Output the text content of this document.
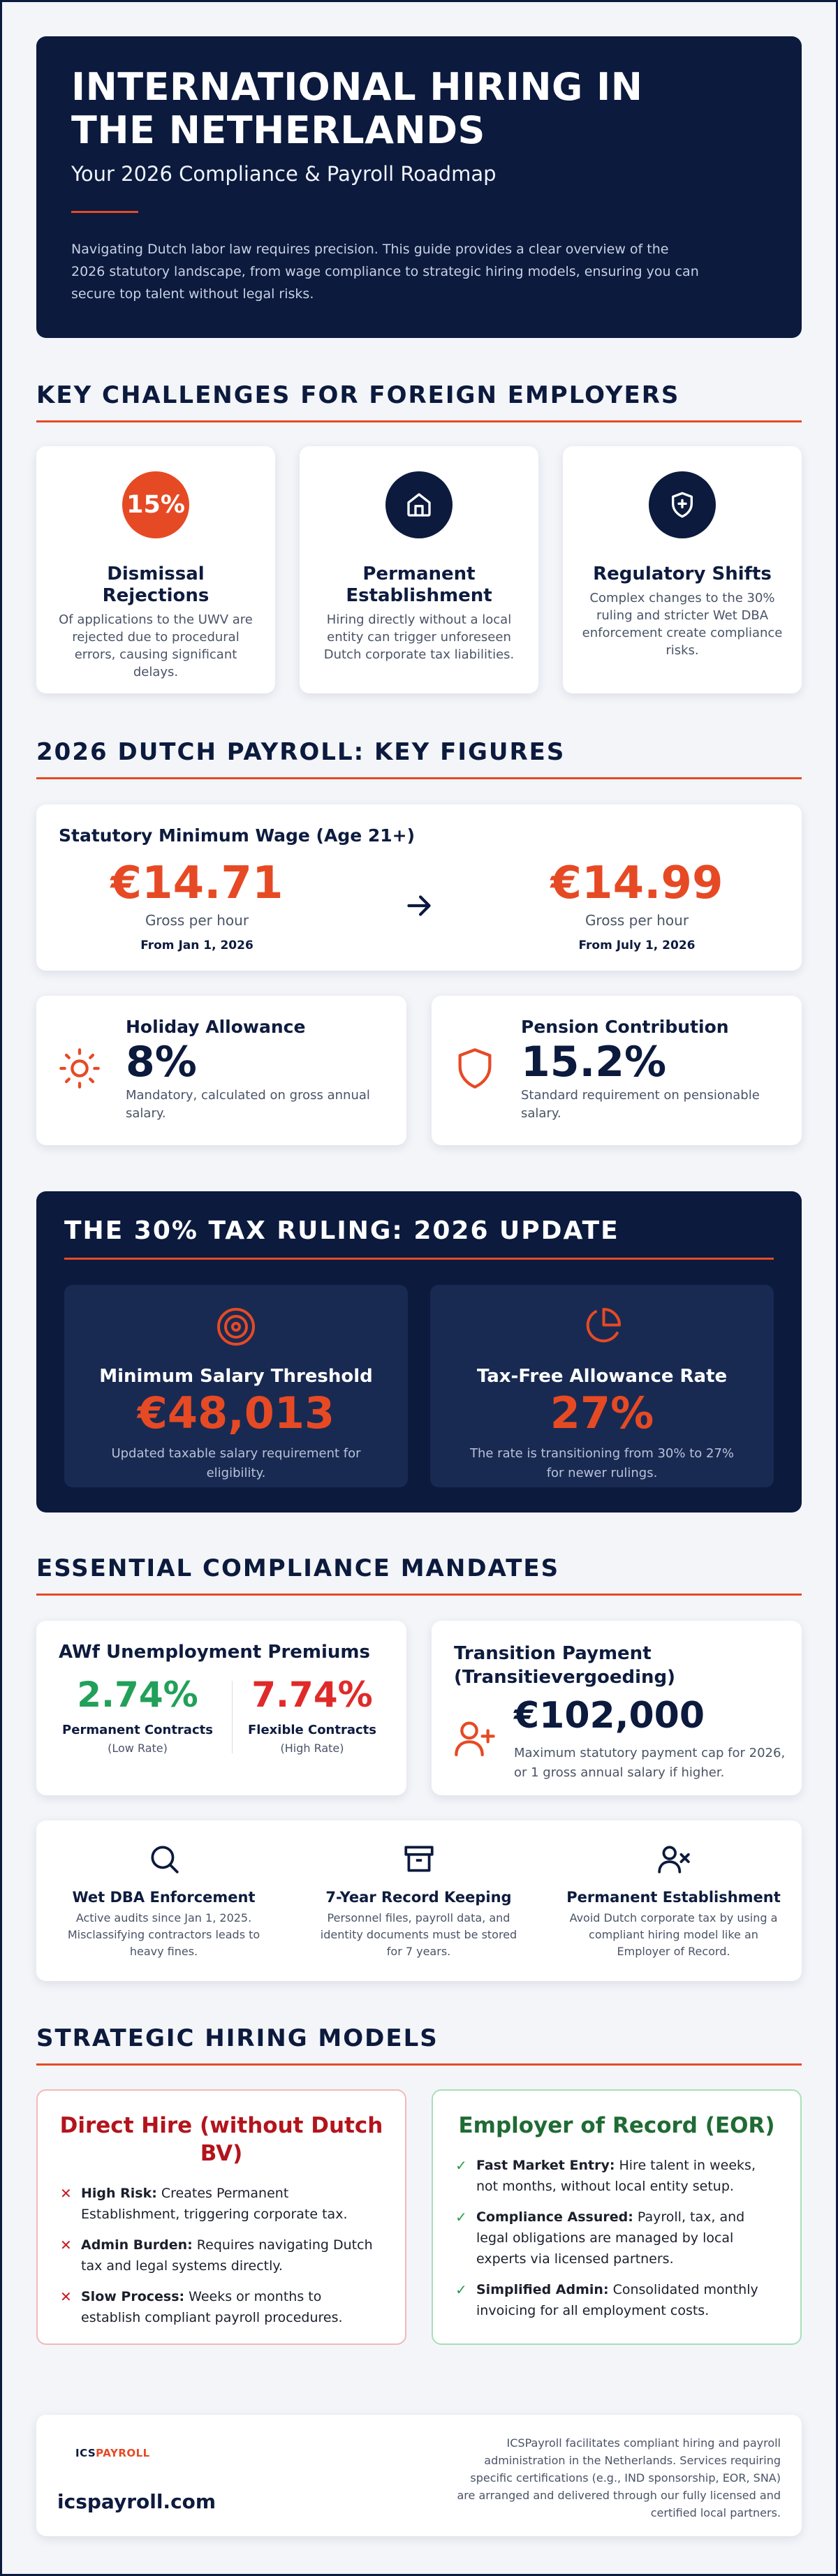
INTERNATIONAL HIRING IN
THE NETHERLANDS
Your 2026 Compliance & Payroll Roadmap
Navigating Dutch labor law requires precision. This guide provides a clear overview of the 2026 statutory landscape, from wage compliance to strategic hiring models, ensuring you can secure top talent without legal risks.
KEY CHALLENGES FOR FOREIGN EMPLOYERS
15%
Dismissal Rejections
Of applications to the UWV are rejected due to procedural errors, causing significant delays.
Permanent Establishment
Hiring directly without a local entity can trigger unforeseen Dutch corporate tax liabilities.
Regulatory Shifts
Complex changes to the 30% ruling and stricter Wet DBA enforcement create compliance risks.
2026 DUTCH PAYROLL: KEY FIGURES
Statutory Minimum Wage (Age 21+)
€14.71
Gross per hour
From Jan 1, 2026
€14.99
Gross per hour
From July 1, 2026
Holiday Allowance
8%
Mandatory, calculated on gross annual salary.
Pension Contribution
15.2%
Standard requirement on pensionable salary.
THE 30% TAX RULING: 2026 UPDATE
Minimum Salary Threshold
€48,013
Updated taxable salary requirement for eligibility.
Tax-Free Allowance Rate
27%
The rate is transitioning from 30% to 27% for newer rulings.
ESSENTIAL COMPLIANCE MANDATES
AWf Unemployment Premiums
2.74%
Permanent Contracts
(Low Rate)
7.74%
Flexible Contracts
(High Rate)
Transition Payment
(Transitievergoeding)
€102,000
Maximum statutory payment cap for 2026, or 1 gross annual salary if higher.
Wet DBA Enforcement
Active audits since Jan 1, 2025. Misclassifying contractors leads to heavy fines.
7-Year Record Keeping
Personnel files, payroll data, and identity documents must be stored for 7 years.
Permanent Establishment
Avoid Dutch corporate tax by using a compliant hiring model like an Employer of Record.
STRATEGIC HIRING MODELS
Direct Hire (without Dutch BV)
✕ High Risk: Creates Permanent Establishment, triggering corporate tax.
✕ Admin Burden: Requires navigating Dutch tax and legal systems directly.
✕ Slow Process: Weeks or months to establish compliant payroll procedures.
Employer of Record (EOR)
✓ Fast Market Entry: Hire talent in weeks, not months, without local entity setup.
✓ Compliance Assured: Payroll, tax, and legal obligations are managed by local experts via licensed partners.
✓ Simplified Admin: Consolidated monthly invoicing for all employment costs.
ICSPAYROLL
icspayroll.com
ICSPayroll facilitates compliant hiring and payroll administration in the Netherlands. Services requiring specific certifications (e.g., IND sponsorship, EOR, SNA) are arranged and delivered through our fully licensed and certified local partners.
